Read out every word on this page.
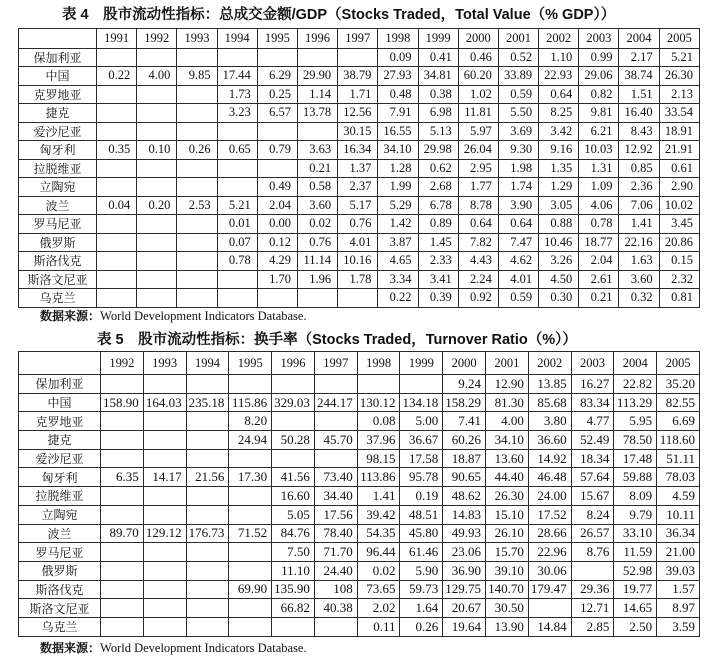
表 4　股市流动性指标：总成交金额/GDP（Stocks Traded，Total Value（% GDP））
	1991	1992	1993	1994	1995	1996	1997	1998	1999	2000	2001	2002	2003	2004	2005
保加利亚								0.09	0.41	0.46	0.52	1.10	0.99	2.17	5.21
中国	0.22	4.00	9.85	17.44	6.29	29.90	38.79	27.93	34.81	60.20	33.89	22.93	29.06	38.74	26.30
克罗地亚				1.73	0.25	1.14	1.71	0.48	0.38	1.02	0.59	0.64	0.82	1.51	2.13
捷克				3.23	6.57	13.78	12.56	7.91	6.98	11.81	5.50	8.25	9.81	16.40	33.54
爱沙尼亚							30.15	16.55	5.13	5.97	3.69	3.42	6.21	8.43	18.91
匈牙利	0.35	0.10	0.26	0.65	0.79	3.63	16.34	34.10	29.98	26.04	9.30	9.16	10.03	12.92	21.91
拉脱维亚						0.21	1.37	1.28	0.62	2.95	1.98	1.35	1.31	0.85	0.61
立陶宛					0.49	0.58	2.37	1.99	2.68	1.77	1.74	1.29	1.09	2.36	2.90
波兰	0.04	0.20	2.53	5.21	2.04	3.60	5.17	5.29	6.78	8.78	3.90	3.05	4.06	7.06	10.02
罗马尼亚				0.01	0.00	0.02	0.76	1.42	0.89	0.64	0.64	0.88	0.78	1.41	3.45
俄罗斯				0.07	0.12	0.76	4.01	3.87	1.45	7.82	7.47	10.46	18.77	22.16	20.86
斯洛伐克				0.78	4.29	11.14	10.16	4.65	2.33	4.43	4.62	3.26	2.04	1.63	0.15
斯洛文尼亚					1.70	1.96	1.78	3.34	3.41	2.24	4.01	4.50	2.61	3.60	2.32
乌克兰								0.22	0.39	0.92	0.59	0.30	0.21	0.32	0.81
数据来源：World Development Indicators Database.
表 5　股市流动性指标：换手率（Stocks Traded，Turnover Ratio（%））
	1992	1993	1994	1995	1996	1997	1998	1999	2000	2001	2002	2003	2004	2005
保加利亚									9.24	12.90	13.85	16.27	22.82	35.20
中国	158.90	164.03	235.18	115.86	329.03	244.17	130.12	134.18	158.29	81.30	85.68	83.34	113.29	82.55
克罗地亚				8.20			0.08	5.00	7.41	4.00	3.80	4.77	5.95	6.69
捷克				24.94	50.28	45.70	37.96	36.67	60.26	34.10	36.60	52.49	78.50	118.60
爱沙尼亚							98.15	17.58	18.87	13.60	14.92	18.34	17.48	51.11
匈牙利	6.35	14.17	21.56	17.30	41.56	73.40	113.86	95.78	90.65	44.40	46.48	57.64	59.88	78.03
拉脱维亚					16.60	34.40	1.41	0.19	48.62	26.30	24.00	15.67	8.09	4.59
立陶宛					5.05	17.56	39.42	48.51	14.83	15.10	17.52	8.24	9.79	10.11
波兰	89.70	129.12	176.73	71.52	84.76	78.40	54.35	45.80	49.93	26.10	28.66	26.57	33.10	36.34
罗马尼亚					7.50	71.70	96.44	61.46	23.06	15.70	22.96	8.76	11.59	21.00
俄罗斯					11.10	24.40	0.02	5.90	36.90	39.10	30.06		52.98	39.03
斯洛伐克				69.90	135.90	108	73.65	59.73	129.75	140.70	179.47	29.36	19.77	1.57
斯洛文尼亚					66.82	40.38	2.02	1.64	20.67	30.50		12.71	14.65	8.97
乌克兰							0.11	0.26	19.64	13.90	14.84	2.85	2.50	3.59
数据来源：World Development Indicators Database.
